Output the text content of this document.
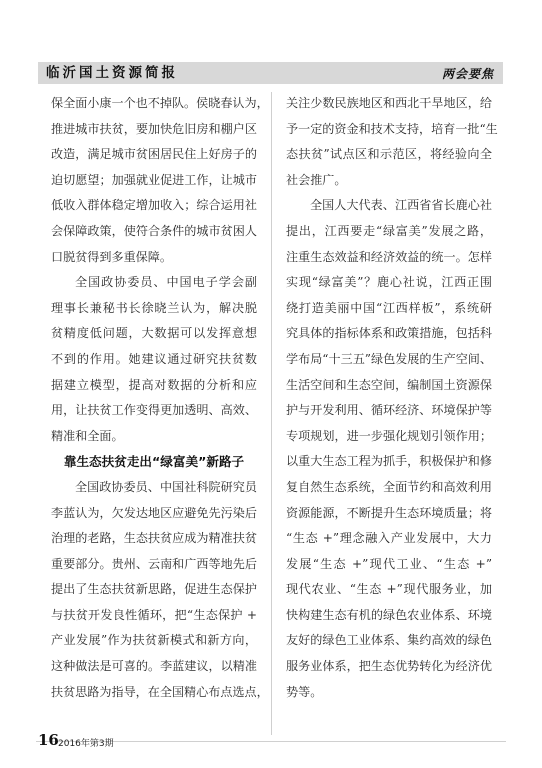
临沂国土资源简报	两会要焦
保全面小康一个也不掉队。侯晓春认为，
推进城市扶贫，要加快危旧房和棚户区
改造，满足城市贫困居民住上好房子的
迫切愿望；加强就业促进工作，让城市
低收入群体稳定增加收入；综合运用社
会保障政策，使符合条件的城市贫困人
口脱贫得到多重保障。
全国政协委员、中国电子学会副
理事长兼秘书长徐晓兰认为，解决脱
贫精度低问题，大数据可以发挥意想
不到的作用。她建议通过研究扶贫数
据建立模型，提高对数据的分析和应
用，让扶贫工作变得更加透明、高效、
精准和全面。
靠生态扶贫走出“绿富美”新路子
全国政协委员、中国社科院研究员
李蓝认为，欠发达地区应避免先污染后
治理的老路，生态扶贫应成为精准扶贫
重要部分。贵州、云南和广西等地先后
提出了生态扶贫新思路，促进生态保护
与扶贫开发良性循环，把“生态保护 +
产业发展”作为扶贫新模式和新方向，
这种做法是可喜的。李蓝建议，以精准
扶贫思路为指导，在全国精心布点选点，
关注少数民族地区和西北干旱地区，给
予一定的资金和技术支持，培育一批“生
态扶贫”试点区和示范区，将经验向全
社会推广。
全国人大代表、江西省省长鹿心社
提出，江西要走“绿富美”发展之路，
注重生态效益和经济效益的统一。怎样
实现“绿富美”？鹿心社说，江西正围
绕打造美丽中国“江西样板”，系统研
究具体的指标体系和政策措施，包括科
学布局“十三五”绿色发展的生产空间、
生活空间和生态空间，编制国土资源保
护与开发利用、循环经济、环境保护等
专项规划，进一步强化规划引领作用；
以重大生态工程为抓手，积极保护和修
复自然生态系统，全面节约和高效利用
资源能源，不断提升生态环境质量；将
“生态 +”理念融入产业发展中，大力
发展“生态 +”现代工业、“生态 +”
现代农业、“生态 +”现代服务业，加
快构建生态有机的绿色农业体系、环境
友好的绿色工业体系、集约高效的绿色
服务业体系，把生态优势转化为经济优
势等。
16 2016年第3期
